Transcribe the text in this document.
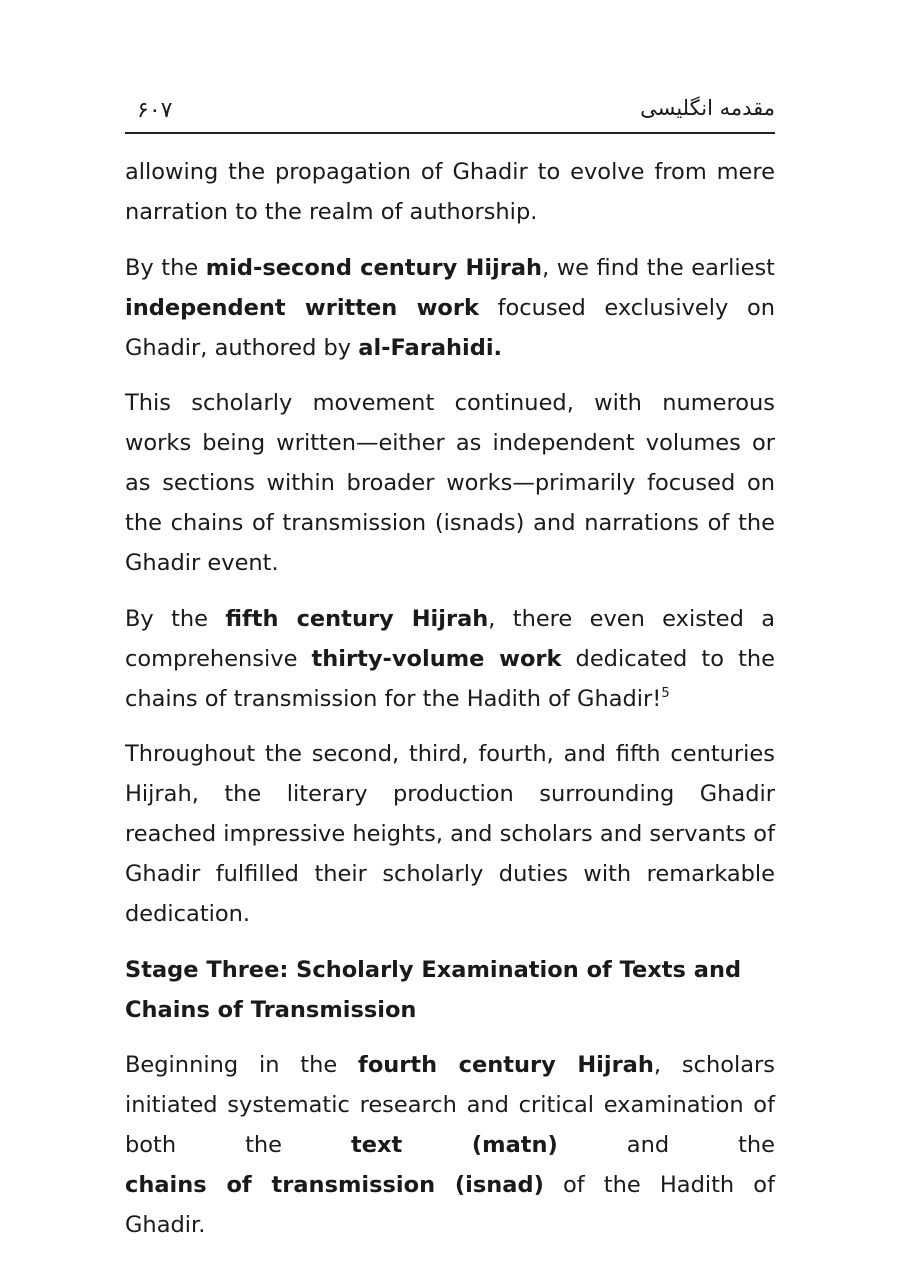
۶۰۷	مقدمه انگلیسی

allowing the propagation of Ghadir to evolve from mere narration to the realm of authorship.

By the mid-second century Hijrah, we find the earliest independent written work focused exclusively on Ghadir, authored by al-Farahidi.

This scholarly movement continued, with numerous works being written—either as independent volumes or as sections within broader works—primarily focused on the chains of transmission (isnads) and narrations of the Ghadir event.

By the fifth century Hijrah, there even existed a comprehensive thirty-volume work dedicated to the chains of transmission for the Hadith of Ghadir!$^5$

Throughout the second, third, fourth, and fifth centuries Hijrah, the literary production surrounding Ghadir reached impressive heights, and scholars and servants of Ghadir fulfilled their scholarly duties with remarkable dedication.

Stage Three: Scholarly Examination of Texts and Chains of Transmission

Beginning in the fourth century Hijrah, scholars initiated systematic research and critical examination of both the text (matn) and the chains of transmission (isnad) of the Hadith of Ghadir.
